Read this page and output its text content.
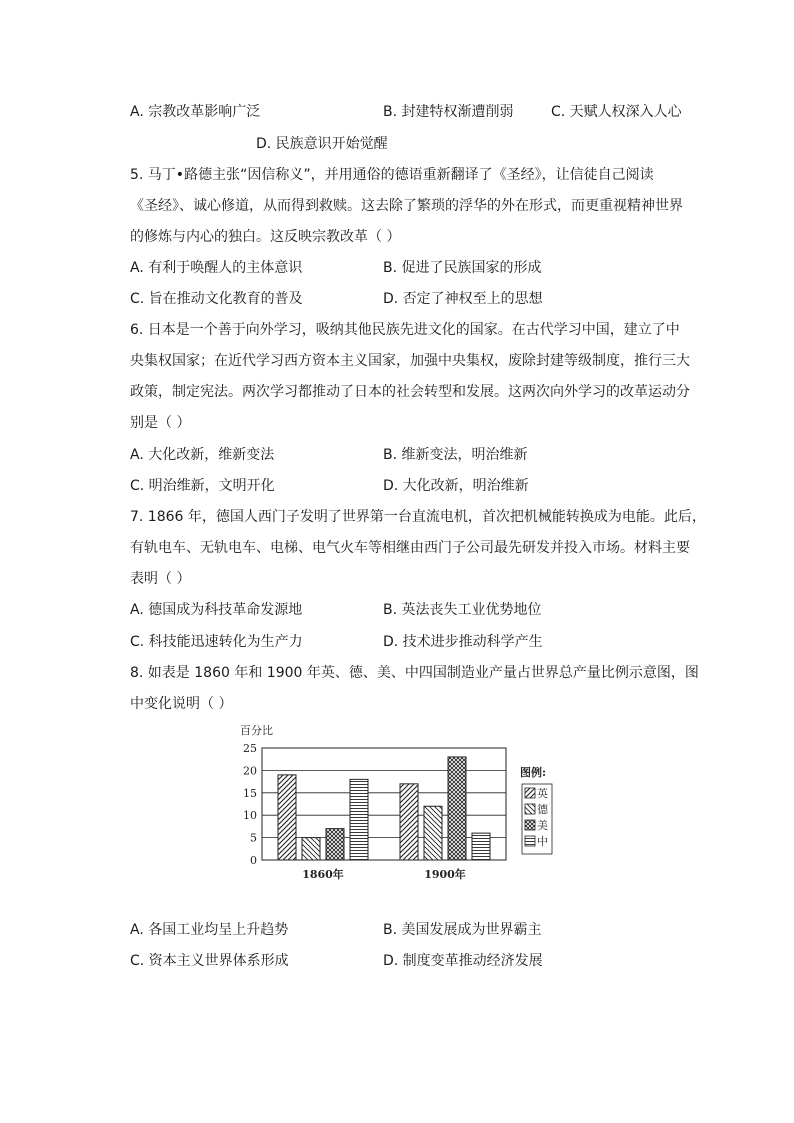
A. 宗教改革影响广泛	B. 封建特权渐遭削弱	C. 天赋人权深入人心
D. 民族意识开始觉醒
5. 马丁•路德主张“因信称义”，并用通俗的德语重新翻译了《圣经》，让信徒自己阅读
《圣经》、诚心修道，从而得到救赎。这去除了繁琐的浮华的外在形式，而更重视精神世界
的修炼与内心的独白。这反映宗教改革（ ）
A. 有利于唤醒人的主体意识	B. 促进了民族国家的形成
C. 旨在推动文化教育的普及	D. 否定了神权至上的思想
6. 日本是一个善于向外学习，吸纳其他民族先进文化的国家。在古代学习中国，建立了中
央集权国家；在近代学习西方资本主义国家，加强中央集权，废除封建等级制度，推行三大
政策，制定宪法。两次学习都推动了日本的社会转型和发展。这两次向外学习的改革运动分
别是（ ）
A. 大化改新，维新变法	B. 维新变法，明治维新
C. 明治维新，文明开化	D. 大化改新，明治维新
7. 1866 年，德国人西门子发明了世界第一台直流电机，首次把机械能转换成为电能。此后，
有轨电车、无轨电车、电梯、电气火车等相继由西门子公司最先研发并投入市场。材料主要
表明（ ）
A. 德国成为科技革命发源地	B. 英法丧失工业优势地位
C. 科技能迅速转化为生产力	D. 技术进步推动科学产生
8. 如表是 1860 年和 1900 年英、德、美、中四国制造业产量占世界总产量比例示意图，图
中变化说明（ ）
百分比
0
5
10
15
20
25
1860年	1900年
图例:
英
德
美
中
A. 各国工业均呈上升趋势	B. 美国发展成为世界霸主
C. 资本主义世界体系形成	D. 制度变革推动经济发展
